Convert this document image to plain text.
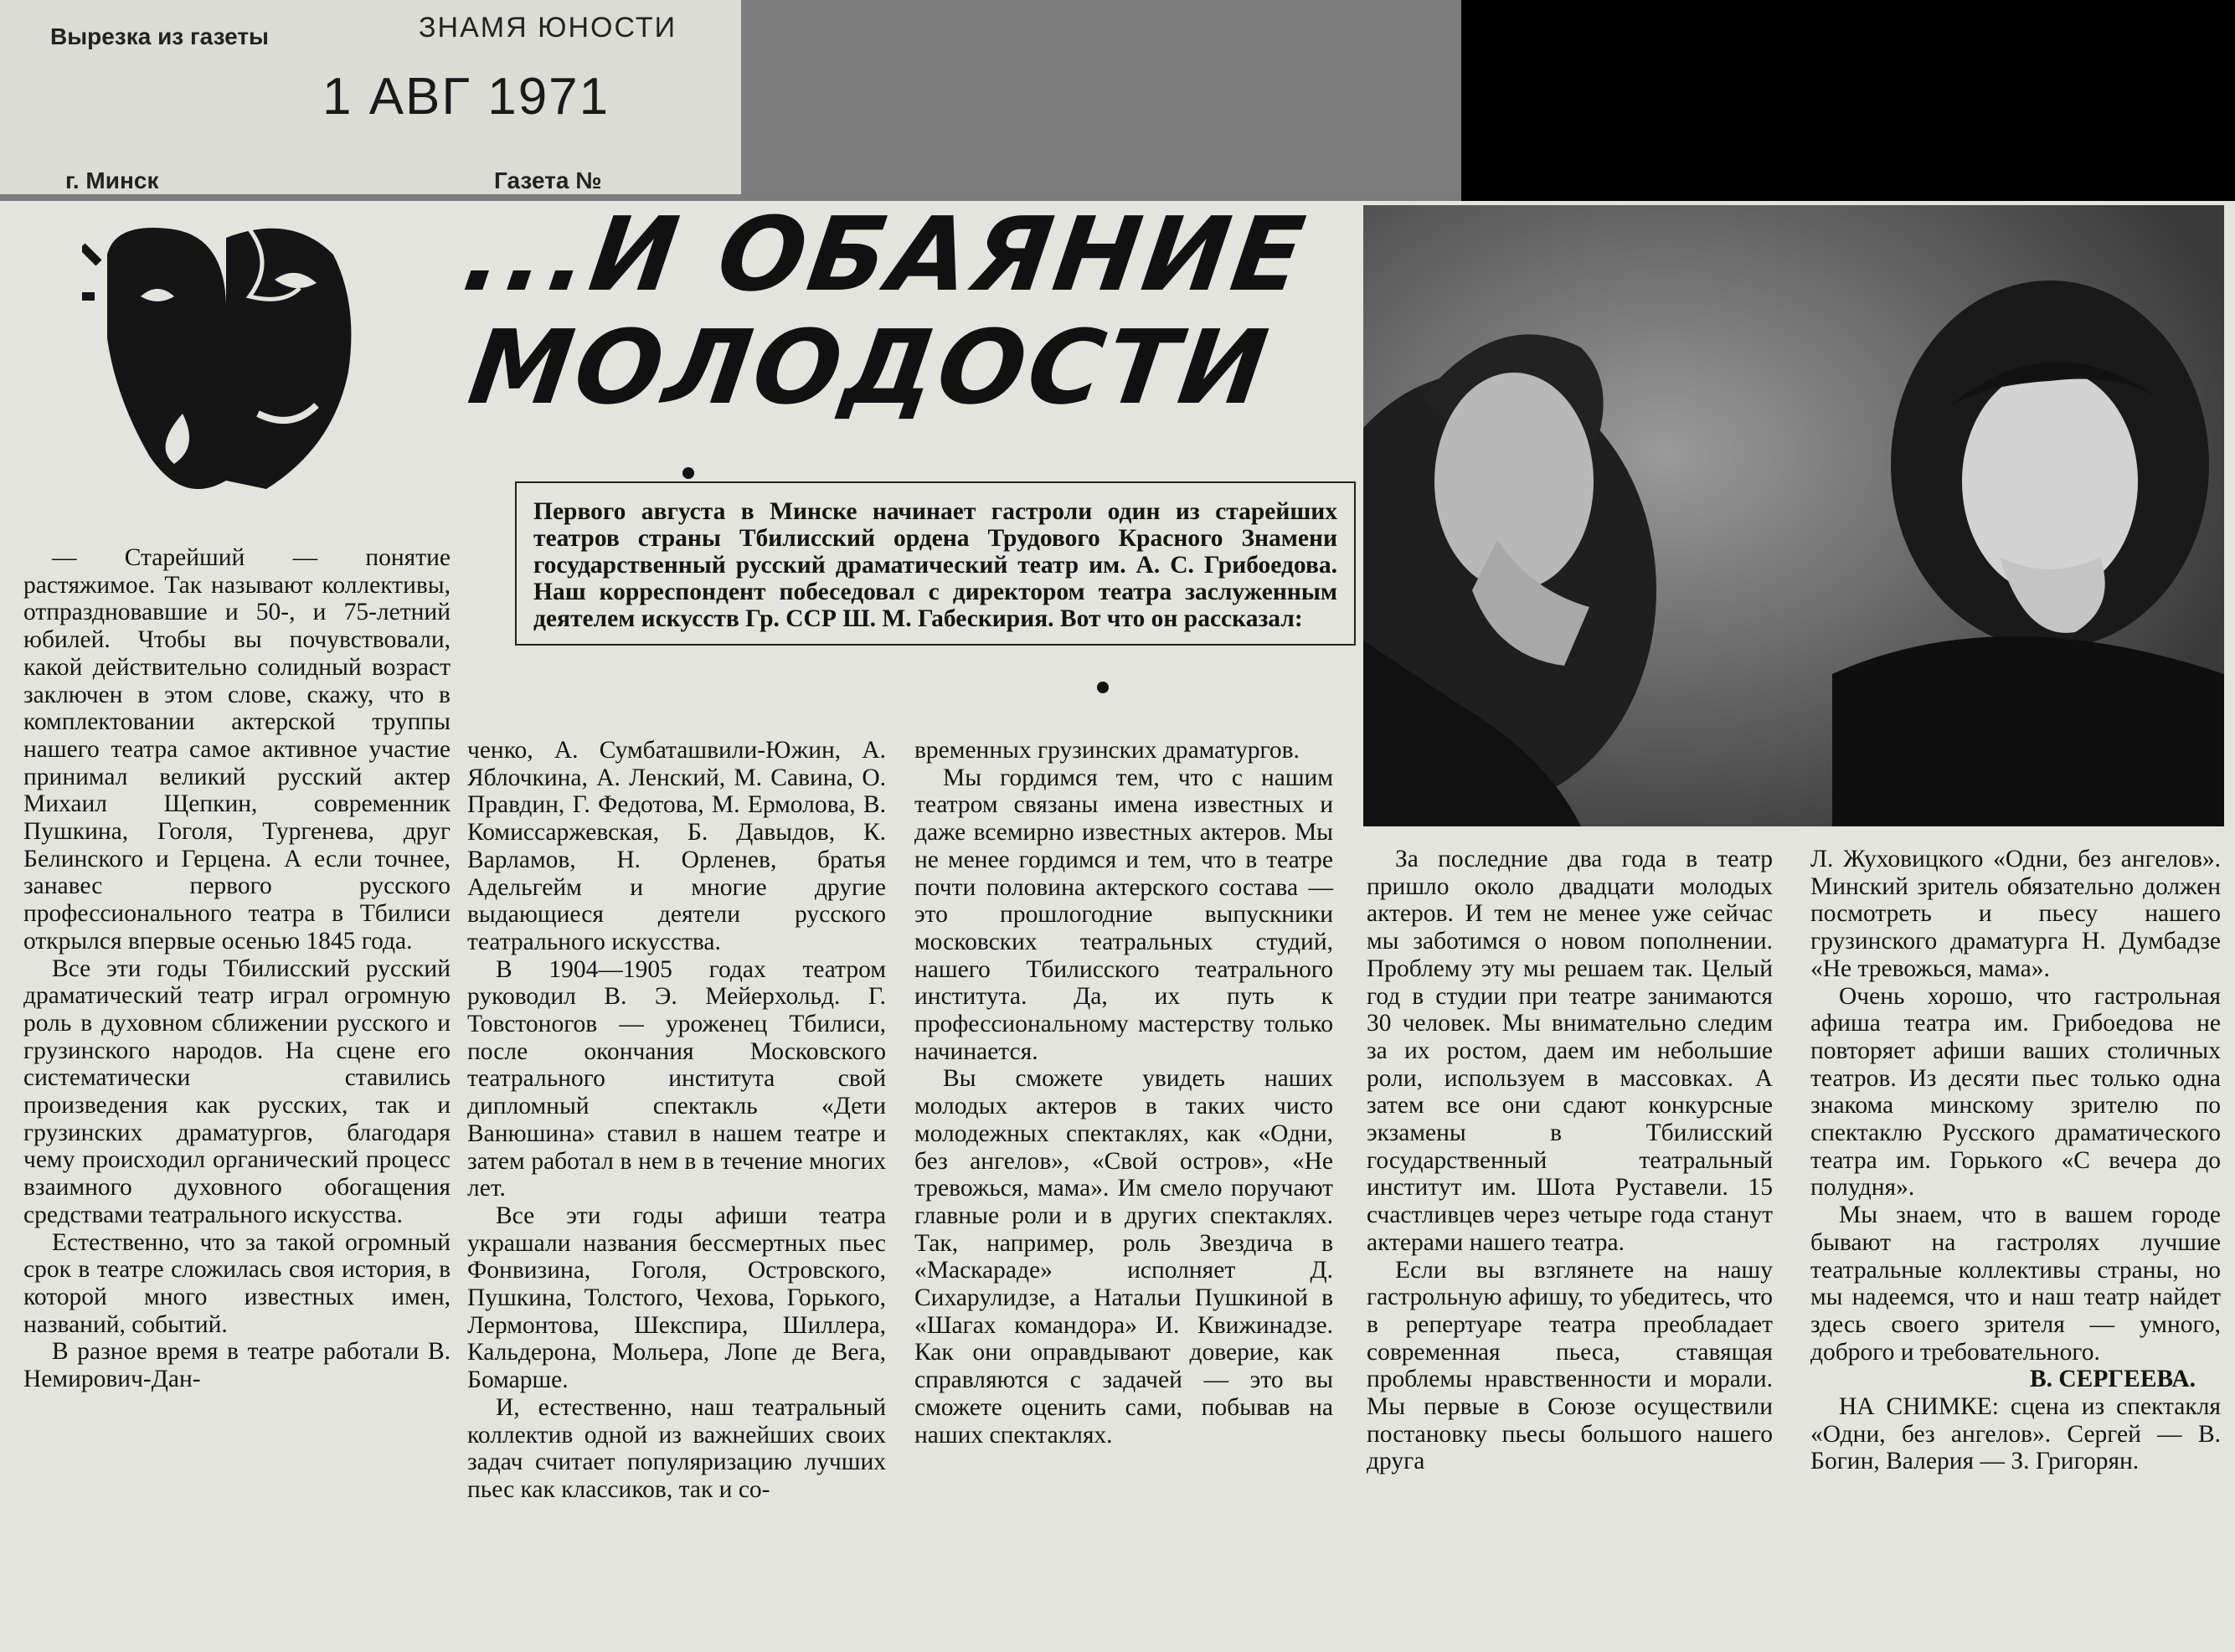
Вырезка из газеты	ЗНАМЯ ЮНОСТИ
1 АВГ 1971
г. Минск	Газета №
...И ОБАЯНИЕ
МОЛОДОСТИ
Первого августа в Минске начинает гастроли один из старейших театров страны Тбилисский ордена Трудового Красного Знамени государственный русский драматический театр им. А. С. Грибоедова. Наш корреспондент побеседовал с директором театра заслуженным деятелем искусств Гр. ССР Ш. М. Габескирия. Вот что он рассказал:

— Старейший — понятие растяжимое. Так называют коллективы, отпраздновавшие и 50-, и 75-летний юбилей. Чтобы вы почувствовали, какой действительно солидный возраст заключен в этом слове, скажу, что в комплектовании актерской труппы нашего театра самое активное участие принимал великий русский актер Михаил Щепкин, современник Пушкина, Гоголя, Тургенева, друг Белинского и Герцена. А если точнее, занавес первого русского профессионального театра в Тбилиси открылся впервые осенью 1845 года.

Все эти годы Тбилисский русский драматический театр играл огромную роль в духовном сближении русского и грузинского народов. На сцене его систематически ставились произведения как русских, так и грузинских драматургов, благодаря чему происходил органический процесс взаимного духовного обогащения средствами театрального искусства.

Естественно, что за такой огромный срок в театре сложилась своя история, в которой много известных имен, названий, событий.

В разное время в театре работали В. Немирович-Дан-

ченко, А. Сумбаташвили-Южин, А. Яблочкина, А. Ленский, М. Савина, О. Правдин, Г. Федотова, М. Ермолова, В. Комиссаржевская, Б. Давыдов, К. Варламов, Н. Орленев, братья Адельгейм и многие другие выдающиеся деятели русского театрального искусства.

В 1904—1905 годах театром руководил В. Э. Мейерхольд. Г. Товстоногов — уроженец Тбилиси, после окончания Московского театрального института свой дипломный спектакль «Дети Ванюшина» ставил в нашем театре и затем работал в нем в в течение многих лет.

Все эти годы афиши театра украшали названия бессмертных пьес Фонвизина, Гоголя, Островского, Пушкина, Толстого, Чехова, Горького, Лермонтова, Шекспира, Шиллера, Кальдерона, Мольера, Лопе де Вега, Бомарше.

И, естественно, наш театральный коллектив одной из важнейших своих задач считает популяризацию лучших пьес как классиков, так и со-

временных грузинских драматургов.

Мы гордимся тем, что с нашим театром связаны имена известных и даже всемирно известных актеров. Мы не менее гордимся и тем, что в театре почти половина актерского состава — это прошлогодние выпускники московских театральных студий, нашего Тбилисского театрального института. Да, их путь к профессиональному мастерству только начинается.

Вы сможете увидеть наших молодых актеров в таких чисто молодежных спектаклях, как «Одни, без ангелов», «Свой остров», «Не тревожься, мама». Им смело поручают главные роли и в других спектаклях. Так, например, роль Звездича в «Маскараде» исполняет Д. Сихарулидзе, а Натальи Пушкиной в «Шагах командора» И. Квижинадзе. Как они оправдывают доверие, как справляются с задачей — это вы сможете оценить сами, побывав на наших спектаклях.

За последние два года в театр пришло около двадцати молодых актеров. И тем не менее уже сейчас мы заботимся о новом пополнении. Проблему эту мы решаем так. Целый год в студии при театре занимаются 30 человек. Мы внимательно следим за их ростом, даем им небольшие роли, используем в массовках. А затем все они сдают конкурсные экзамены в Тбилисский государственный театральный институт им. Шота Руставели. 15 счастливцев через четыре года станут актерами нашего театра.

Если вы взглянете на нашу гастрольную афишу, то убедитесь, что в репертуаре театра преобладает современная пьеса, ставящая проблемы нравственности и морали. Мы первые в Союзе осуществили постановку пьесы большого нашего друга

Л. Жуховицкого «Одни, без ангелов». Минский зритель обязательно должен посмотреть и пьесу нашего грузинского драматурга Н. Думбадзе «Не тревожься, мама».

Очень хорошо, что гастрольная афиша театра им. Грибоедова не повторяет афиши ваших столичных театров. Из десяти пьес только одна знакома минскому зрителю по спектаклю Русского драматического театра им. Горького «С вечера до полудня».

Мы знаем, что в вашем городе бывают на гастролях лучшие театральные коллективы страны, но мы надеемся, что и наш театр найдет здесь своего зрителя — умного, доброго и требовательного.

В. СЕРГЕЕВА.

НА СНИМКЕ: сцена из спектакля «Одни, без ангелов». Сергей — В. Богин, Валерия — З. Григорян.
